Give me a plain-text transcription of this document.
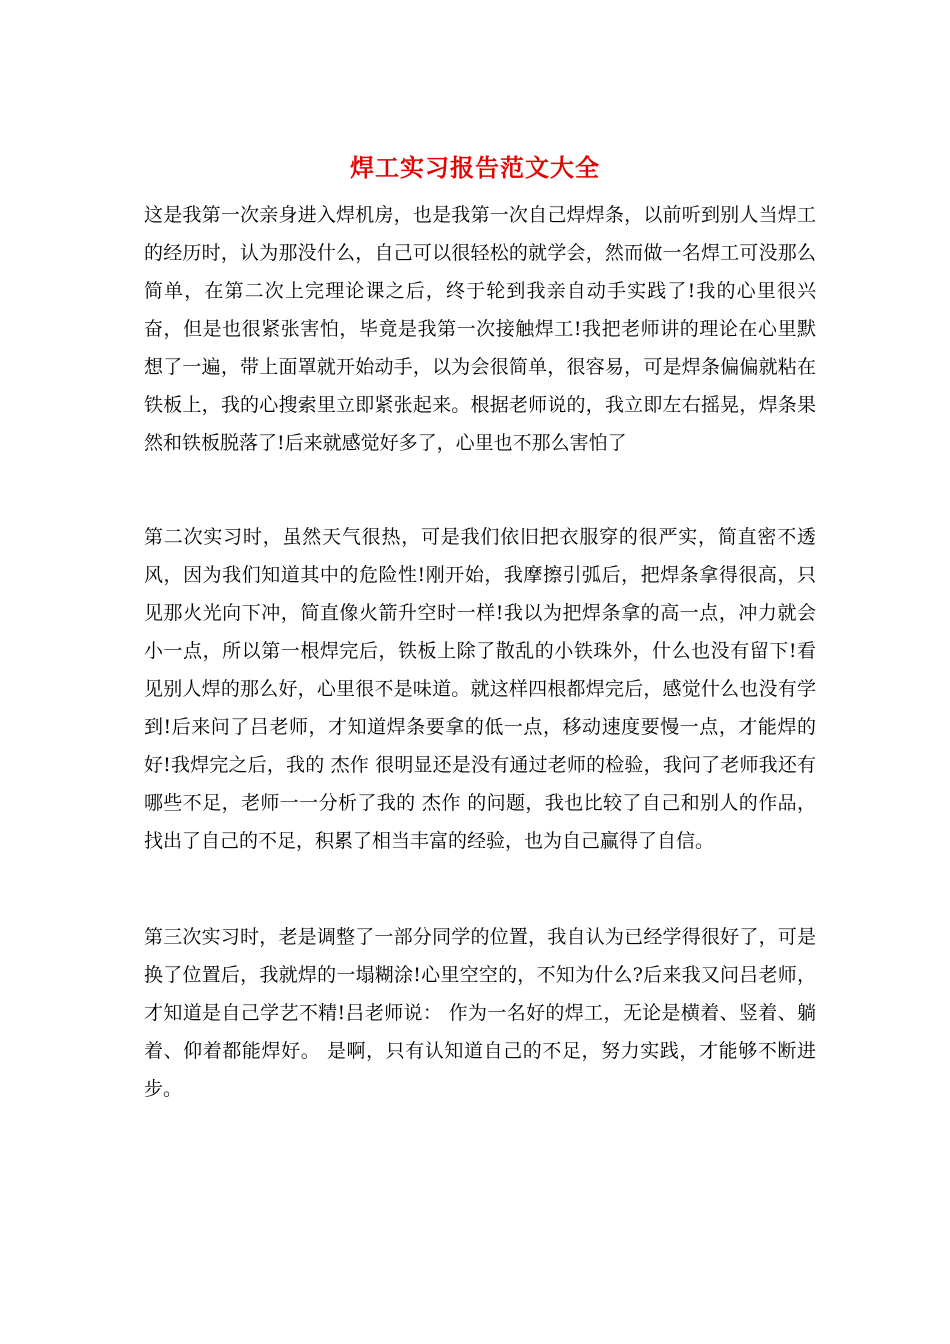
焊工实习报告范文大全

这是我第一次亲身进入焊机房，也是我第一次自己焊焊条，以前听到别人当焊工的经历时，认为那没什么，自己可以很轻松的就学会，然而做一名焊工可没那么简单，在第二次上完理论课之后，终于轮到我亲自动手实践了!我的心里很兴奋，但是也很紧张害怕，毕竟是我第一次接触焊工!我把老师讲的理论在心里默想了一遍，带上面罩就开始动手，以为会很简单，很容易，可是焊条偏偏就粘在铁板上，我的心搜索里立即紧张起来。根据老师说的，我立即左右摇晃，焊条果然和铁板脱落了!后来就感觉好多了，心里也不那么害怕了

第二次实习时，虽然天气很热，可是我们依旧把衣服穿的很严实，简直密不透风，因为我们知道其中的危险性!刚开始，我摩擦引弧后，把焊条拿得很高，只见那火光向下冲，简直像火箭升空时一样!我以为把焊条拿的高一点，冲力就会小一点，所以第一根焊完后，铁板上除了散乱的小铁珠外，什么也没有留下!看见别人焊的那么好，心里很不是味道。就这样四根都焊完后，感觉什么也没有学到!后来问了吕老师，才知道焊条要拿的低一点，移动速度要慢一点，才能焊的好!我焊完之后，我的 杰作 很明显还是没有通过老师的检验，我问了老师我还有哪些不足，老师一一分析了我的 杰作 的问题，我也比较了自己和别人的作品，找出了自己的不足，积累了相当丰富的经验，也为自己赢得了自信。

第三次实习时，老是调整了一部分同学的位置，我自认为已经学得很好了，可是换了位置后，我就焊的一塌糊涂!心里空空的，不知为什么?后来我又问吕老师，才知道是自己学艺不精!吕老师说： 作为一名好的焊工，无论是横着、竖着、躺着、仰着都能焊好。 是啊，只有认知道自己的不足，努力实践，才能够不断进步。
